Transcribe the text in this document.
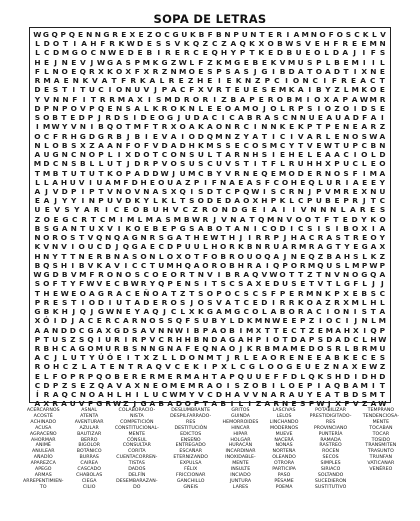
SOPA DE LETRAS
W G Q P Q E N N G R E X E Z O C G U K B F B N P U N T E R I A M N O F O S C K L V
L D O T I A H F R K W D E S S V K Q Z C Z A Q K X O B W S V E H F R E E M N
L C D M G O C N W E D E B I R E R C E Q H Y P T K E D B U E O L D A J I F S
H E J N E V J W G A S P M K G Z W L F Z K M G E B E K V M U S P L B E M I I L
F L N O E Q R X K O X F X R Z N M O E S P S A S J G I B D A T O A D T I X N E
R M A E N K V A T F R K A L R E Z H E I E K N Z P C I O N C I F R E A C T
D E S T I T U C I O N U V J P A C F X V R T E U E S E M K A I B Y Z L M K O E
Y V N N F I T R R M A X I S M D R O R I Z B A P E R O B M I O X A P A W M R
D P N P O V P Q E N S A L K R O K N L E E O A M O J O L R P S I O Z O I D S E
S O B T E D P J R D S I D E O G J U D A C I C A B R A S C N N U E A U A D F A I
I M W Y V N I B Q O T M F T R X O A K A O N R C I N N K E K P T P E N E A R Z
O C F R H G D G R B J B I E V A I O D Q M N Z Y A T I C I V A R L E N O S W A
N L O B S X Z A A N F O F V D A D H K M S S E C O S M C Y T V E W T U P C B N
A U G N C N O P L I X D O T C O N S U L T A R N H S I E H E L E A A C I O L D
M D C N S B L L U T J D R P V O S U S C U V S T I T F L R U H H X P U C L E O
T M B T U T U T K O P A D D W J U M C B Y V R N E Q E M O D E R N O S F I M A
L L A H U V I U A M F D H E O U A Z P I F N A E A S F C O H E Q L U R I A E E Y
A J V D P I P T V N O V N A S X Q I S D T C P Q W I S C R N J P V M R E X N U
E A J Y Y I N P U V D K Y L K L T S O D E D A O X H P K L C P U B E P R J T C
U E V S Y A R I C E O B U H V C Z R O N D G E I A I I V N N N L A R E S
Z O E G C R T C M I M L M A S M B W R J V N A T Q M N V O O T F T E D Y K O
B S G A N T U X V I K O E B E P G S A B O T A N I C O D I C S I S I B O X I A
N O R O S T V Q N Q A G N R S G A T H E W T H J I R R P J H A C R A S T R E O Y
K V N V I O U C D J Q G A E C D P U U L H O R K B N R U A R M R A G T Y E G A X
H N Y T T N E R B N A S O N L O X O T F O B R O U O Q A J N E Q Z B A H S L K Z
B Q S H I B V K A V I C C T U M H Q A O R O B H R A I Q P O R M Q U S L M P W P
W G D B V M F R O N O S C O E O R T N V I B R A Q V W O T T Z T N V N O G Q A
S O F T Y F W V E C B W R Y Q P E N S I T S C S A X E D U S E T V T L G F L J J
T H E W E O A G R A C E Ñ O A T Z T S O P O C S C S F P E R M N K P X E B S C
P R E S T I O D I U T A D E R O S J O S V A T C E D I R R K O A Z R X M L H L
G B K H J Q J G W N E Y A Q J C L X K G A M G C O L A B O R A C I O N I S T A
X Ó I D J A C E R C A R N O S S Q F S U B Y L D K M N W E E P Z I O C I J N L M
A A N D D C G A X G D S A V N N W I B P A O B I M X T T E C T Z E M A H X I Q P
P T U S Z S Q I U R I R P V C R H H B N D A G A H P I O T D A P S D A D C L H W
R B H C A G O M U R B S N N G N A F E Q N A O J K R B M A M E D O S R L B R M U
A C J L U T Y Ú Ó E I T X Z L L D O N M T J R L E A O R E N E E A B K E C E S
R O H C Z L A T E N T R A Q V C E K I P X L C G L O O G E U E Z N A X E W Z
E L F O P R P Q O B E R E R M E R M A H T A P Q U U E F F D L Q K S H D I D H D
C D P Z S E Z Q A V A X N E O M E M R A O I S Z O B I L O E P I A Q B A M I T
Í R A Q C N O A H L H I L U C W M Y V C D H A V V N A R A U Y E A T B D S M T
A X R A U V F G R W Z J G A B A D O P T A B I L I Z A R N E S P W J X F V Z A W
ACERCARNOS
ACOSTÉ
ACHINADO
ACUSA
AGRACEÑO
AHORMAR
ANIMÉ
ANULEAR
AÑADÍO
APAREZCA
APEGO
ARMAS
ARREPENTIMIEN-
TO
ASNAL
ATENTA
AVENTURAR
AZULAR
BAUTIZAR
BERRO
BIGOLOR
BOTÁNICO
BURRAS
CAIREA
CASCADO
CHABOLAS
CIEGA
CILIO
COLABORACIO-
NISTA
COMPETICIÓN
CONSTITUCIONAL-
MENTE
CÓNSUL
CONSULTAR
CORITA
CUENTACORREN-
TISTAS
DADOS
DELFÍN
DESEMBARAZAN-
DO
DESLUMBRANTE
DESPILFARRADO-
RES
DESTITUCIÓN
EDICTOS
ENSEÑO
ENTREGADO
ESCAÑAR
ETERNIZANDO
EXPULSA
FÉLIX
FRICCIONAR
GANCHILLO
GNEIS
GRITOS
GUINDA
HEMORROIDES
HINCAR
HIPAR
HOLGAR
HURACÁN
INCARDINAR
INOXIDABLE-
MENTE
INSULTE
INCIADO
JUNTURA
LARES
LASCIVAS
LELOS
LINCHANDO
MODERNOS
MUEVE
NACERÁ
NONAS
NORTEÑA
OLEANDO
OTRORA
PARTICIPA
PASO
PÉSAME
POEMA
POTABILIZAR
PRESTIDIGITADO-
RES
PROVINCIANO
PUNTERÍA
RAMADA
RASTREO
ROCEN
SECOS
SIMPLES
SIRIACO
SOLTANDO
SUCEDIERON
SUSTITUTIVO
TEMPRANO
TENDENCIOSA-
MENTE
TOCABAN
TOCAR
TOSIDO
TRANSMITEN
TRASUNTO
TRUNFAN
VATICANAR
VENÉREO
